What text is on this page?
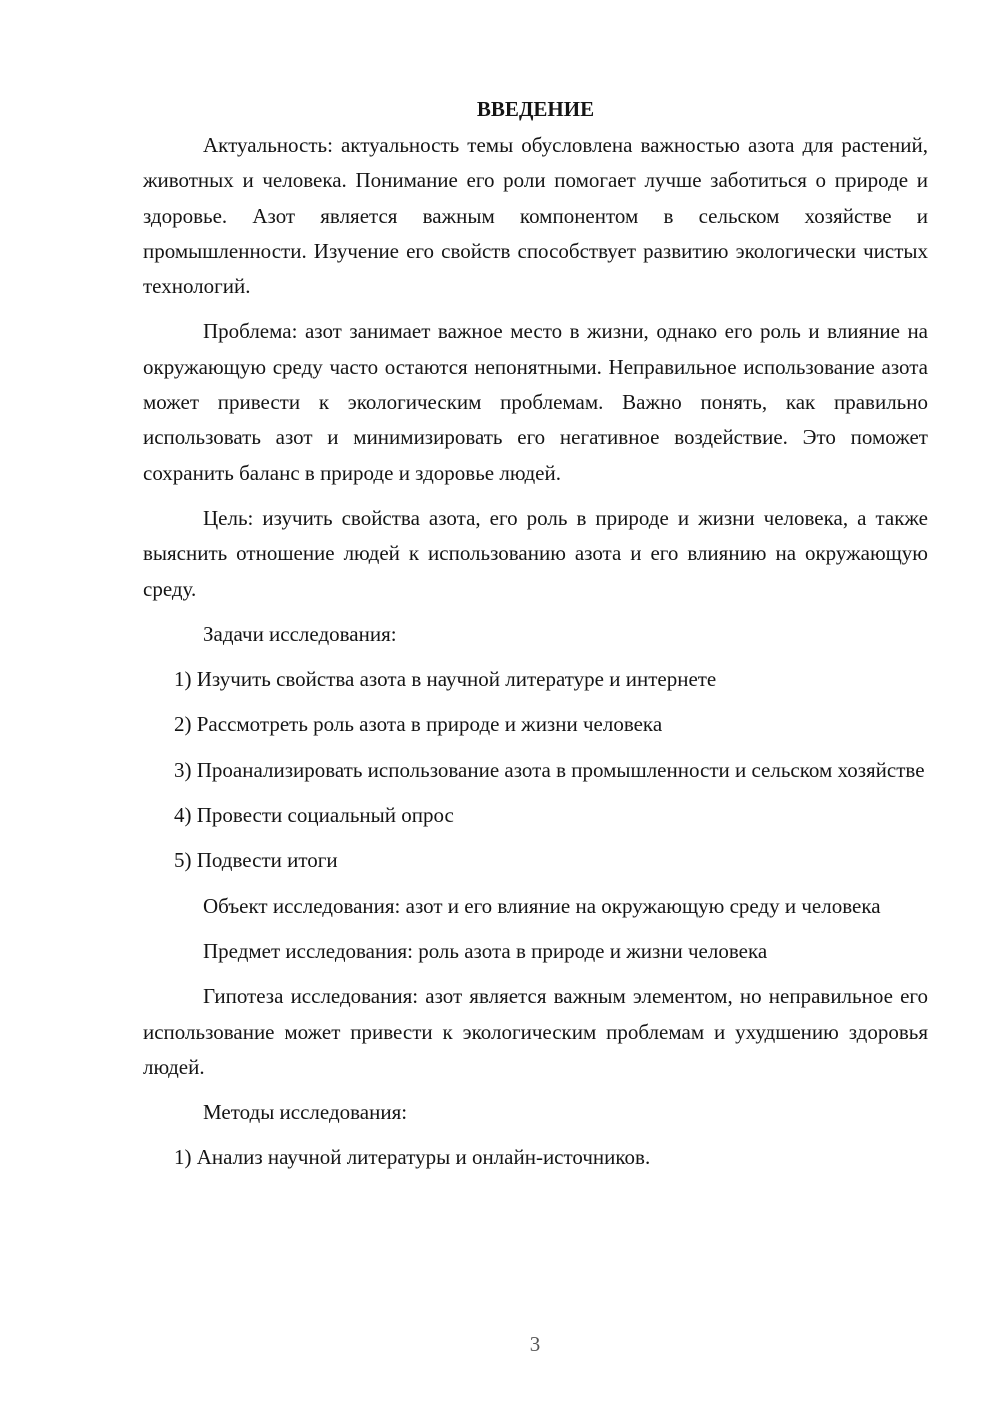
ВВЕДЕНИЕ

Актуальность: актуальность темы обусловлена важностью азота для растений, животных и человека. Понимание его роли помогает лучше заботиться о природе и здоровье. Азот является важным компонентом в сельском хозяйстве и промышленности. Изучение его свойств способствует развитию экологически чистых технологий.

Проблема: азот занимает важное место в жизни, однако его роль и влияние на окружающую среду часто остаются непонятными. Неправильное использование азота может привести к экологическим проблемам. Важно понять, как правильно использовать азот и минимизировать его негативное воздействие. Это поможет сохранить баланс в природе и здоровье людей.

Цель: изучить свойства азота, его роль в природе и жизни человека, а также выяснить отношение людей к использованию азота и его влиянию на окружающую среду.

Задачи исследования:

1) Изучить свойства азота в научной литературе и интернете

2) Рассмотреть роль азота в природе и жизни человека

3) Проанализировать использование азота в промышленности и сельском хозяйстве

4) Провести социальный опрос

5) Подвести итоги

Объект исследования: азот и его влияние на окружающую среду и человека

Предмет исследования: роль азота в природе и жизни человека

Гипотеза исследования: азот является важным элементом, но неправильное его использование может привести к экологическим проблемам и ухудшению здоровья людей.

Методы исследования:

1) Анализ научной литературы и онлайн-источников.

3
